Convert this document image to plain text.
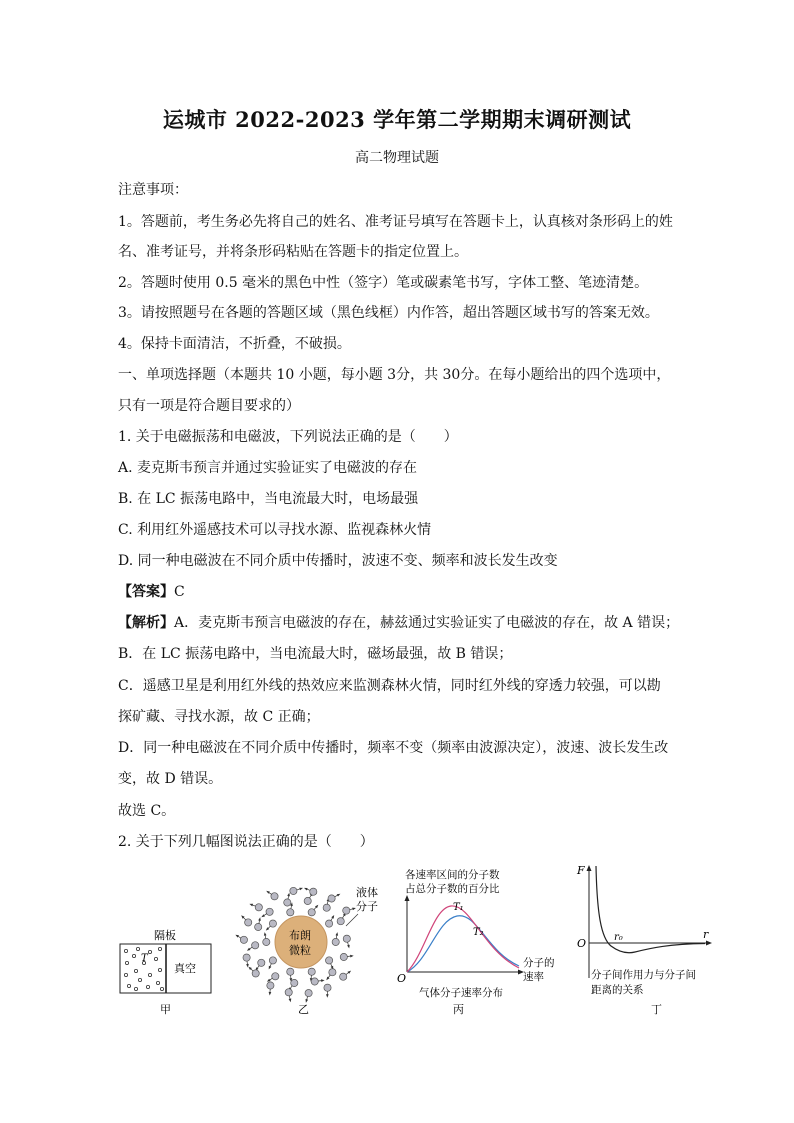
运城市 2022-2023 学年第二学期期末调研测试
高二物理试题
注意事项：
1。答题前，考生务必先将自己的姓名、准考证号填写在答题卡上，认真核对条形码上的姓
名、准考证号，并将条形码粘贴在答题卡的指定位置上。
2。答题时使用 0.5 毫米的黑色中性（签字）笔或碳素笔书写，字体工整、笔迹清楚。
3。请按照题号在各题的答题区域（黑色线框）内作答，超出答题区域书写的答案无效。
4。保持卡面清洁，不折叠，不破损。
一、单项选择题（本题共 10 小题，每小题 3分，共 30分。在每小题给出的四个选项中，
只有一项是符合题目要求的）
1. 关于电磁振荡和电磁波，下列说法正确的是（　　）
A. 麦克斯韦预言并通过实验证实了电磁波的存在
B. 在 LC 振荡电路中，当电流最大时，电场最强
C. 利用红外遥感技术可以寻找水源、监视森林火情
D. 同一种电磁波在不同介质中传播时，波速不变、频率和波长发生改变
【答案】C
【解析】A．麦克斯韦预言电磁波的存在，赫兹通过实验证实了电磁波的存在，故 A 错误；
B．在 LC 振荡电路中，当电流最大时，磁场最强，故 B 错误；
C．遥感卫星是利用红外线的热效应来监测森林火情，同时红外线的穿透力较强，可以勘
探矿藏、寻找水源，故 C 正确；
D．同一种电磁波在不同介质中传播时，频率不变（频率由波源决定），波速、波长发生改
变，故 D 错误。
故选 C。
2. 关于下列几幅图说法正确的是（　　）
隔板
T
真空
甲
布朗
微粒
液体
分子
乙
各速率区间的分子数
占总分子数的百分比
T₁
T₂
O
分子的
速率
气体分子速率分布
丙
F
r
O	r₀
分子间作用力与分子间
距离的关系
丁
